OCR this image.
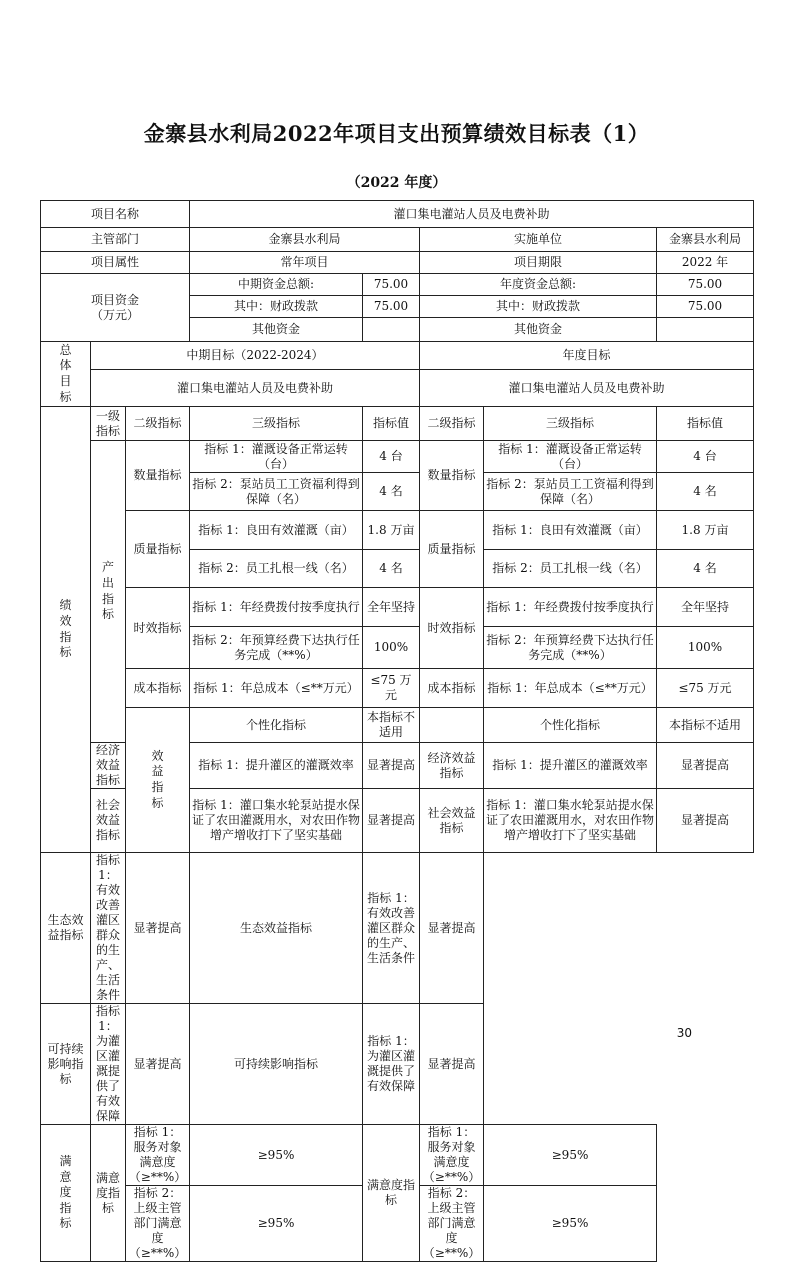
金寨县水利局2022年项目支出预算绩效目标表（1）
（2022 年度）
项目名称			灌口集电灌站人员及电费补助					
主管部门			金寨县水利局		实施单位		金寨县水利局	
项目属性			常年项目		项目期限		2022 年	
项目资金
（万元）			中期资金总额:	75.00	年度资金总额:		75.00	
			其中：财政拨款	75.00	其中：财政拨款		75.00	
			其他资金		其他资金			
总体目标	中期目标（2022-2024）				年度目标			
	灌口集电灌站人员及电费补助				灌口集电灌站人员及电费补助			
绩效指标	一级指标	二级指标	三级指标	指标值	二级指标	三级指标	指标值	
	产出指标	数量指标	指标 1：灌溉设备正常运转（台）	4 台	数量指标	指标 1：灌溉设备正常运转（台）	4 台	
			指标 2：泵站员工工资福利得到保障（名）	4 名		指标 2：泵站员工工资福利得到保障（名）	4 名	
		质量指标	指标 1：良田有效灌溉（亩）	1.8 万亩	质量指标	指标 1：良田有效灌溉（亩）	1.8 万亩	
			指标 2：员工扎根一线（名）	4 名		指标 2：员工扎根一线（名）	4 名	
		时效指标	指标 1：年经费拨付按季度执行	全年坚持	时效指标	指标 1：年经费拨付按季度执行	全年坚持	
			指标 2：年预算经费下达执行任务完成（**%）	100%		指标 2：年预算经费下达执行任务完成（**%）	100%	
		成本指标	指标 1：年总成本（≤**万元）	≤75 万元	成本指标	指标 1：年总成本（≤**万元）	≤75 万元	
		效益指标	个性化指标	本指标不适用		个性化指标	本指标不适用	
	经济效益指标		指标 1：提升灌区的灌溉效率	显著提高	经济效益指标	指标 1：提升灌区的灌溉效率	显著提高	
	社会效益指标		指标 1：灌口集水轮泵站提水保证了农田灌溉用水，对农田作物增产增收打下了坚实基础	显著提高	社会效益指标	指标 1：灌口集水轮泵站提水保证了农田灌溉用水，对农田作物增产增收打下了坚实基础	显著提高	
生态效益指标	指标 1：有效改善灌区群众的生产、生活条件	显著提高	生态效益指标	指标 1：有效改善灌区群众的生产、生活条件	显著提高			
可持续影响指标	指标 1：为灌区灌溉提供了有效保障	显著提高	可持续影响指标	指标 1：为灌区灌溉提供了有效保障	显著提高			
满意度指标	满意度指标	指标 1：服务对象满意度（≥**%）	≥95%	满意度指标	指标 1：服务对象满意度（≥**%）	≥95%		
		指标 2：上级主管部门满意度（≥**%）	≥95%		指标 2：上级主管部门满意度（≥**%）	≥95%		
30
